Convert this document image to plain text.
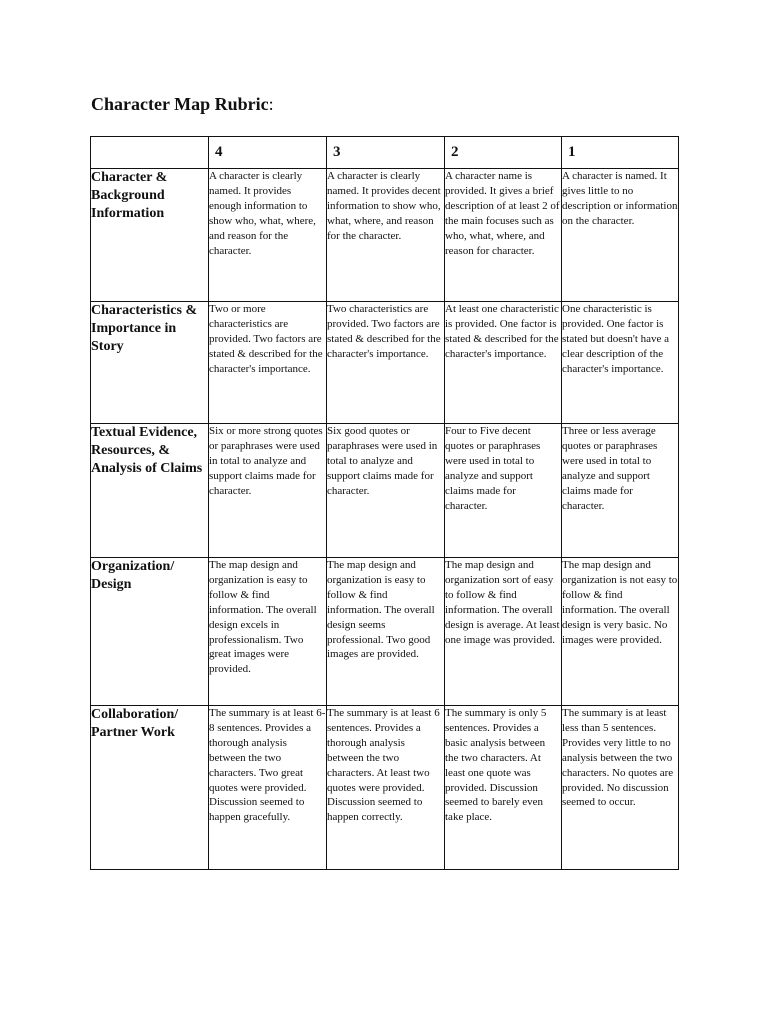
Character Map Rubric:
	4	3	2	1
Character & Background Information	A character is clearly named. It provides enough information to show who, what, where, and reason for the character.	A character is clearly named. It provides decent information to show who, what, where, and reason for the character.	A character name is provided. It gives a brief description of at least 2 of the main focuses such as who, what, where, and reason for character.	A character is named. It gives little to no description or information on the character.
Characteristics & Importance in Story	Two or more characteristics are provided. Two factors are stated & described for the character's importance.	Two characteristics are provided. Two factors are stated & described for the character's importance.	At least one characteristic is provided. One factor is stated & described for the character's importance.	One characteristic is provided. One factor is stated but doesn't have a clear description of the character's importance.
Textual Evidence, Resources, & Analysis of Claims	Six or more strong quotes or paraphrases were used in total to analyze and support claims made for character.	Six good quotes or paraphrases were used in total to analyze and support claims made for character.	Four to Five decent quotes or paraphrases were used in total to analyze and support claims made for character.	Three or less average quotes or paraphrases were used in total to analyze and support claims made for character.
Organization/ Design	The map design and organization is easy to follow & find information. The overall design excels in professionalism. Two great images were provided.	The map design and organization is easy to follow & find information. The overall design seems professional. Two good images are provided.	The map design and organization sort of easy to follow & find information. The overall design is average. At least one image was provided.	The map design and organization is not easy to follow & find information. The overall design is very basic. No images were provided.
Collaboration/ Partner Work	The summary is at least 6-8 sentences. Provides a thorough analysis between the two characters. Two great quotes were provided. Discussion seemed to happen gracefully.	The summary is at least 6 sentences. Provides a thorough analysis between the two characters. At least two quotes were provided. Discussion seemed to happen correctly.	The summary is only 5 sentences. Provides a basic analysis between the two characters. At least one quote was provided. Discussion seemed to barely even take place.	The summary is at least less than 5 sentences. Provides very little to no analysis between the two characters. No quotes are provided. No discussion seemed to occur.
